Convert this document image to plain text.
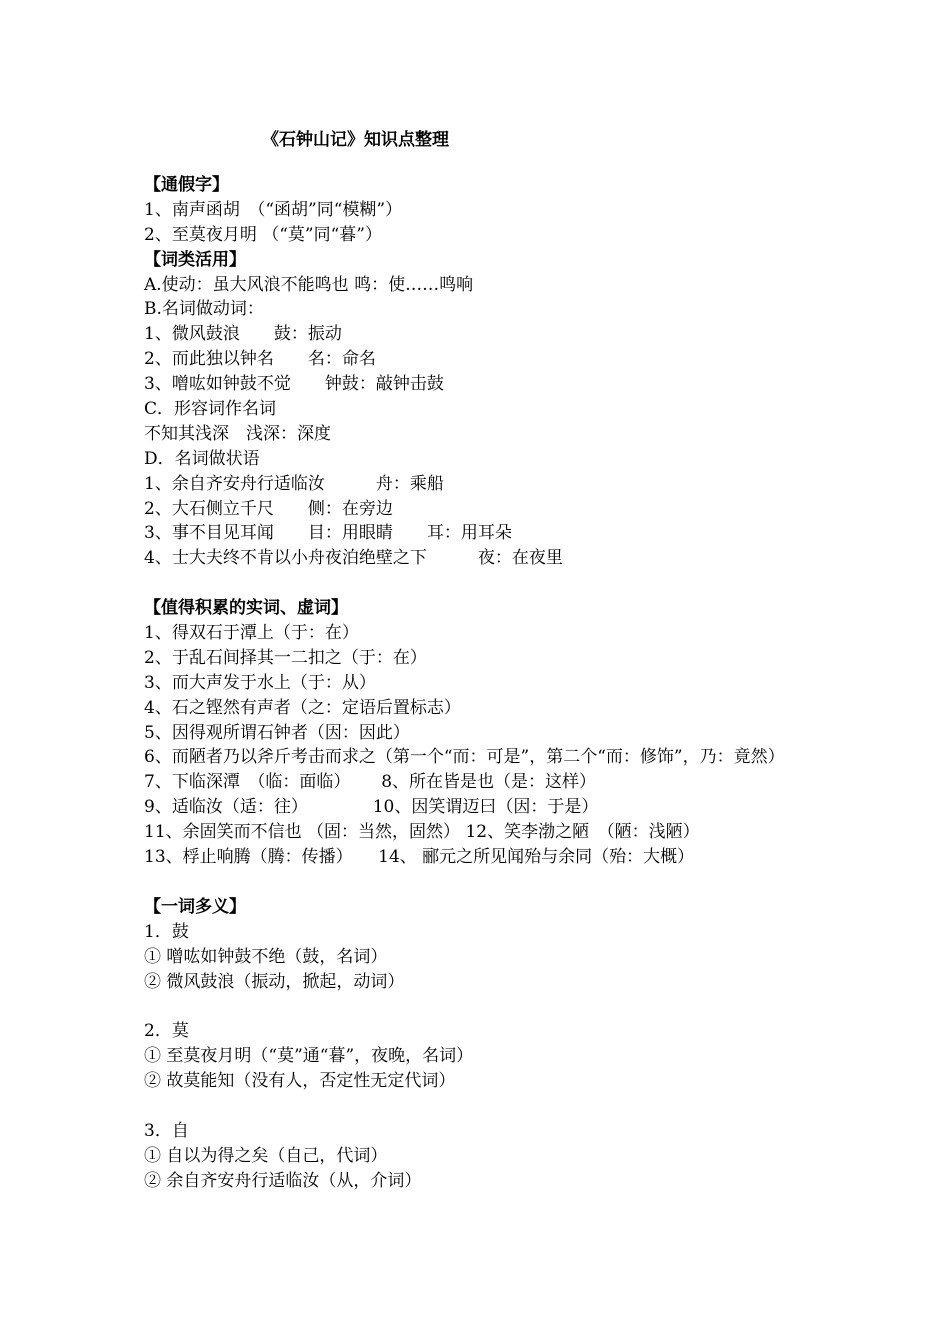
《石钟山记》知识点整理
【通假字】
1、南声函胡　（“函胡”同“模糊”）
2、至莫夜月明 （“莫”同“暮”）
【词类活用】
A.使动：虽大风浪不能鸣也 鸣：使……鸣响
B.名词做动词：
1、微风鼓浪　　鼓：振动
2、而此独以钟名　　名：命名
3、噌吰如钟鼓不觉　　钟鼓：敲钟击鼓
C．形容词作名词
不知其浅深　浅深：深度
D．名词做状语
1、余自齐安舟行适临汝　　　舟：乘船
2、大石侧立千尺　　侧：在旁边
3、事不目见耳闻　　目：用眼睛　　耳：用耳朵
4、士大夫终不肯以小舟夜泊绝壁之下　　　夜：在夜里
【值得积累的实词、虚词】
1、得双石于潭上（于：在）
2、于乱石间择其一二扣之（于：在）
3、而大声发于水上（于：从）
4、石之铿然有声者（之：定语后置标志）
5、因得观所谓石钟者（因：因此）
6、而陋者乃以斧斤考击而求之（第一个“而：可是”，第二个“而：修饰”，乃：竟然）
7、下临深潭　（临：面临）　　 8、所在皆是也（是：这样）
9、适临汝（适：往）　　　　 10、因笑谓迈曰（因：于是）
11、余固笑而不信也 （固：当然，固然） 12、笑李渤之陋　（陋：浅陋）
13、桴止响腾（腾：传播）　　14、 郦元之所见闻殆与余同（殆：大概）
【一词多义】
1．鼓
① 噌吰如钟鼓不绝（鼓，名词）
② 微风鼓浪（振动，掀起，动词）
2．莫
① 至莫夜月明（“莫”通“暮”，夜晚，名词）
② 故莫能知（没有人，否定性无定代词）
3．自
① 自以为得之矣（自己，代词）
② 余自齐安舟行适临汝（从，介词）
